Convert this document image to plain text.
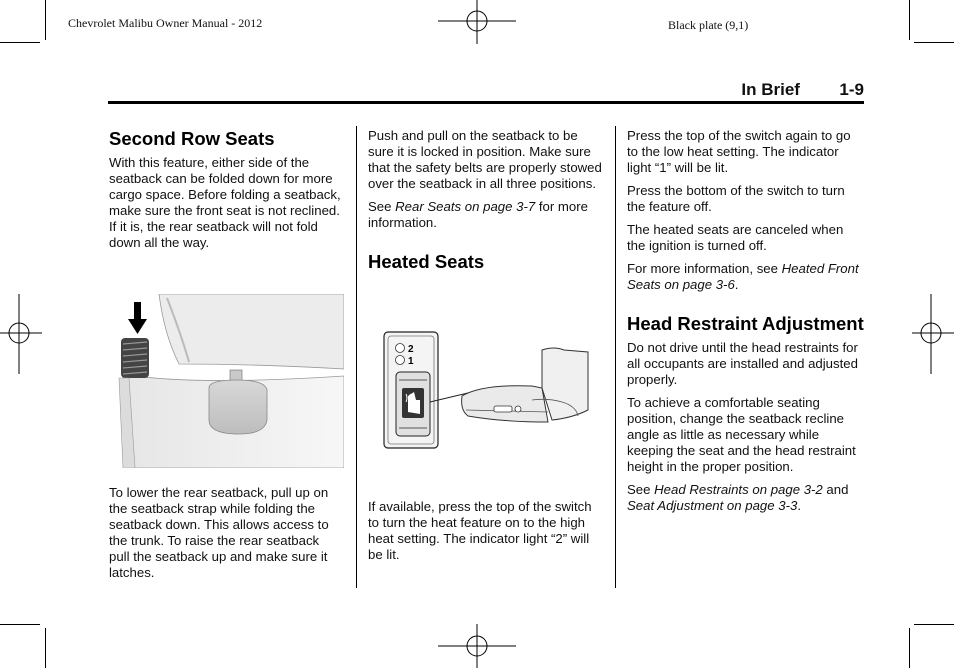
Chevrolet Malibu Owner Manual - 2012	Black plate (9,1)
In Brief 1-9
Second Row Seats

With this feature, either side of the seatback can be folded down for more cargo space. Before folding a seatback, make sure the front seat is not reclined. If it is, the rear seatback will not fold down all the way.

To lower the rear seatback, pull up on the seatback strap while folding the seatback down. This allows access to the trunk. To raise the rear seatback pull the seatback up and make sure it latches.

Push and pull on the seatback to be sure it is locked in position. Make sure that the safety belts are properly stowed over the seatback in all three positions.

See Rear Seats on page 3-7 for more information.

Heated Seats
2
1

If available, press the top of the switch to turn the heat feature on to the high heat setting. The indicator light “2” will be lit.

Press the top of the switch again to go to the low heat setting. The indicator light “1” will be lit.

Press the bottom of the switch to turn the feature off.

The heated seats are canceled when the ignition is turned off.

For more information, see Heated Front Seats on page 3-6.

Head Restraint Adjustment

Do not drive until the head restraints for all occupants are installed and adjusted properly.

To achieve a comfortable seating position, change the seatback recline angle as little as necessary while keeping the seat and the head restraint height in the proper position.

See Head Restraints on page 3-2 and Seat Adjustment on page 3-3.
